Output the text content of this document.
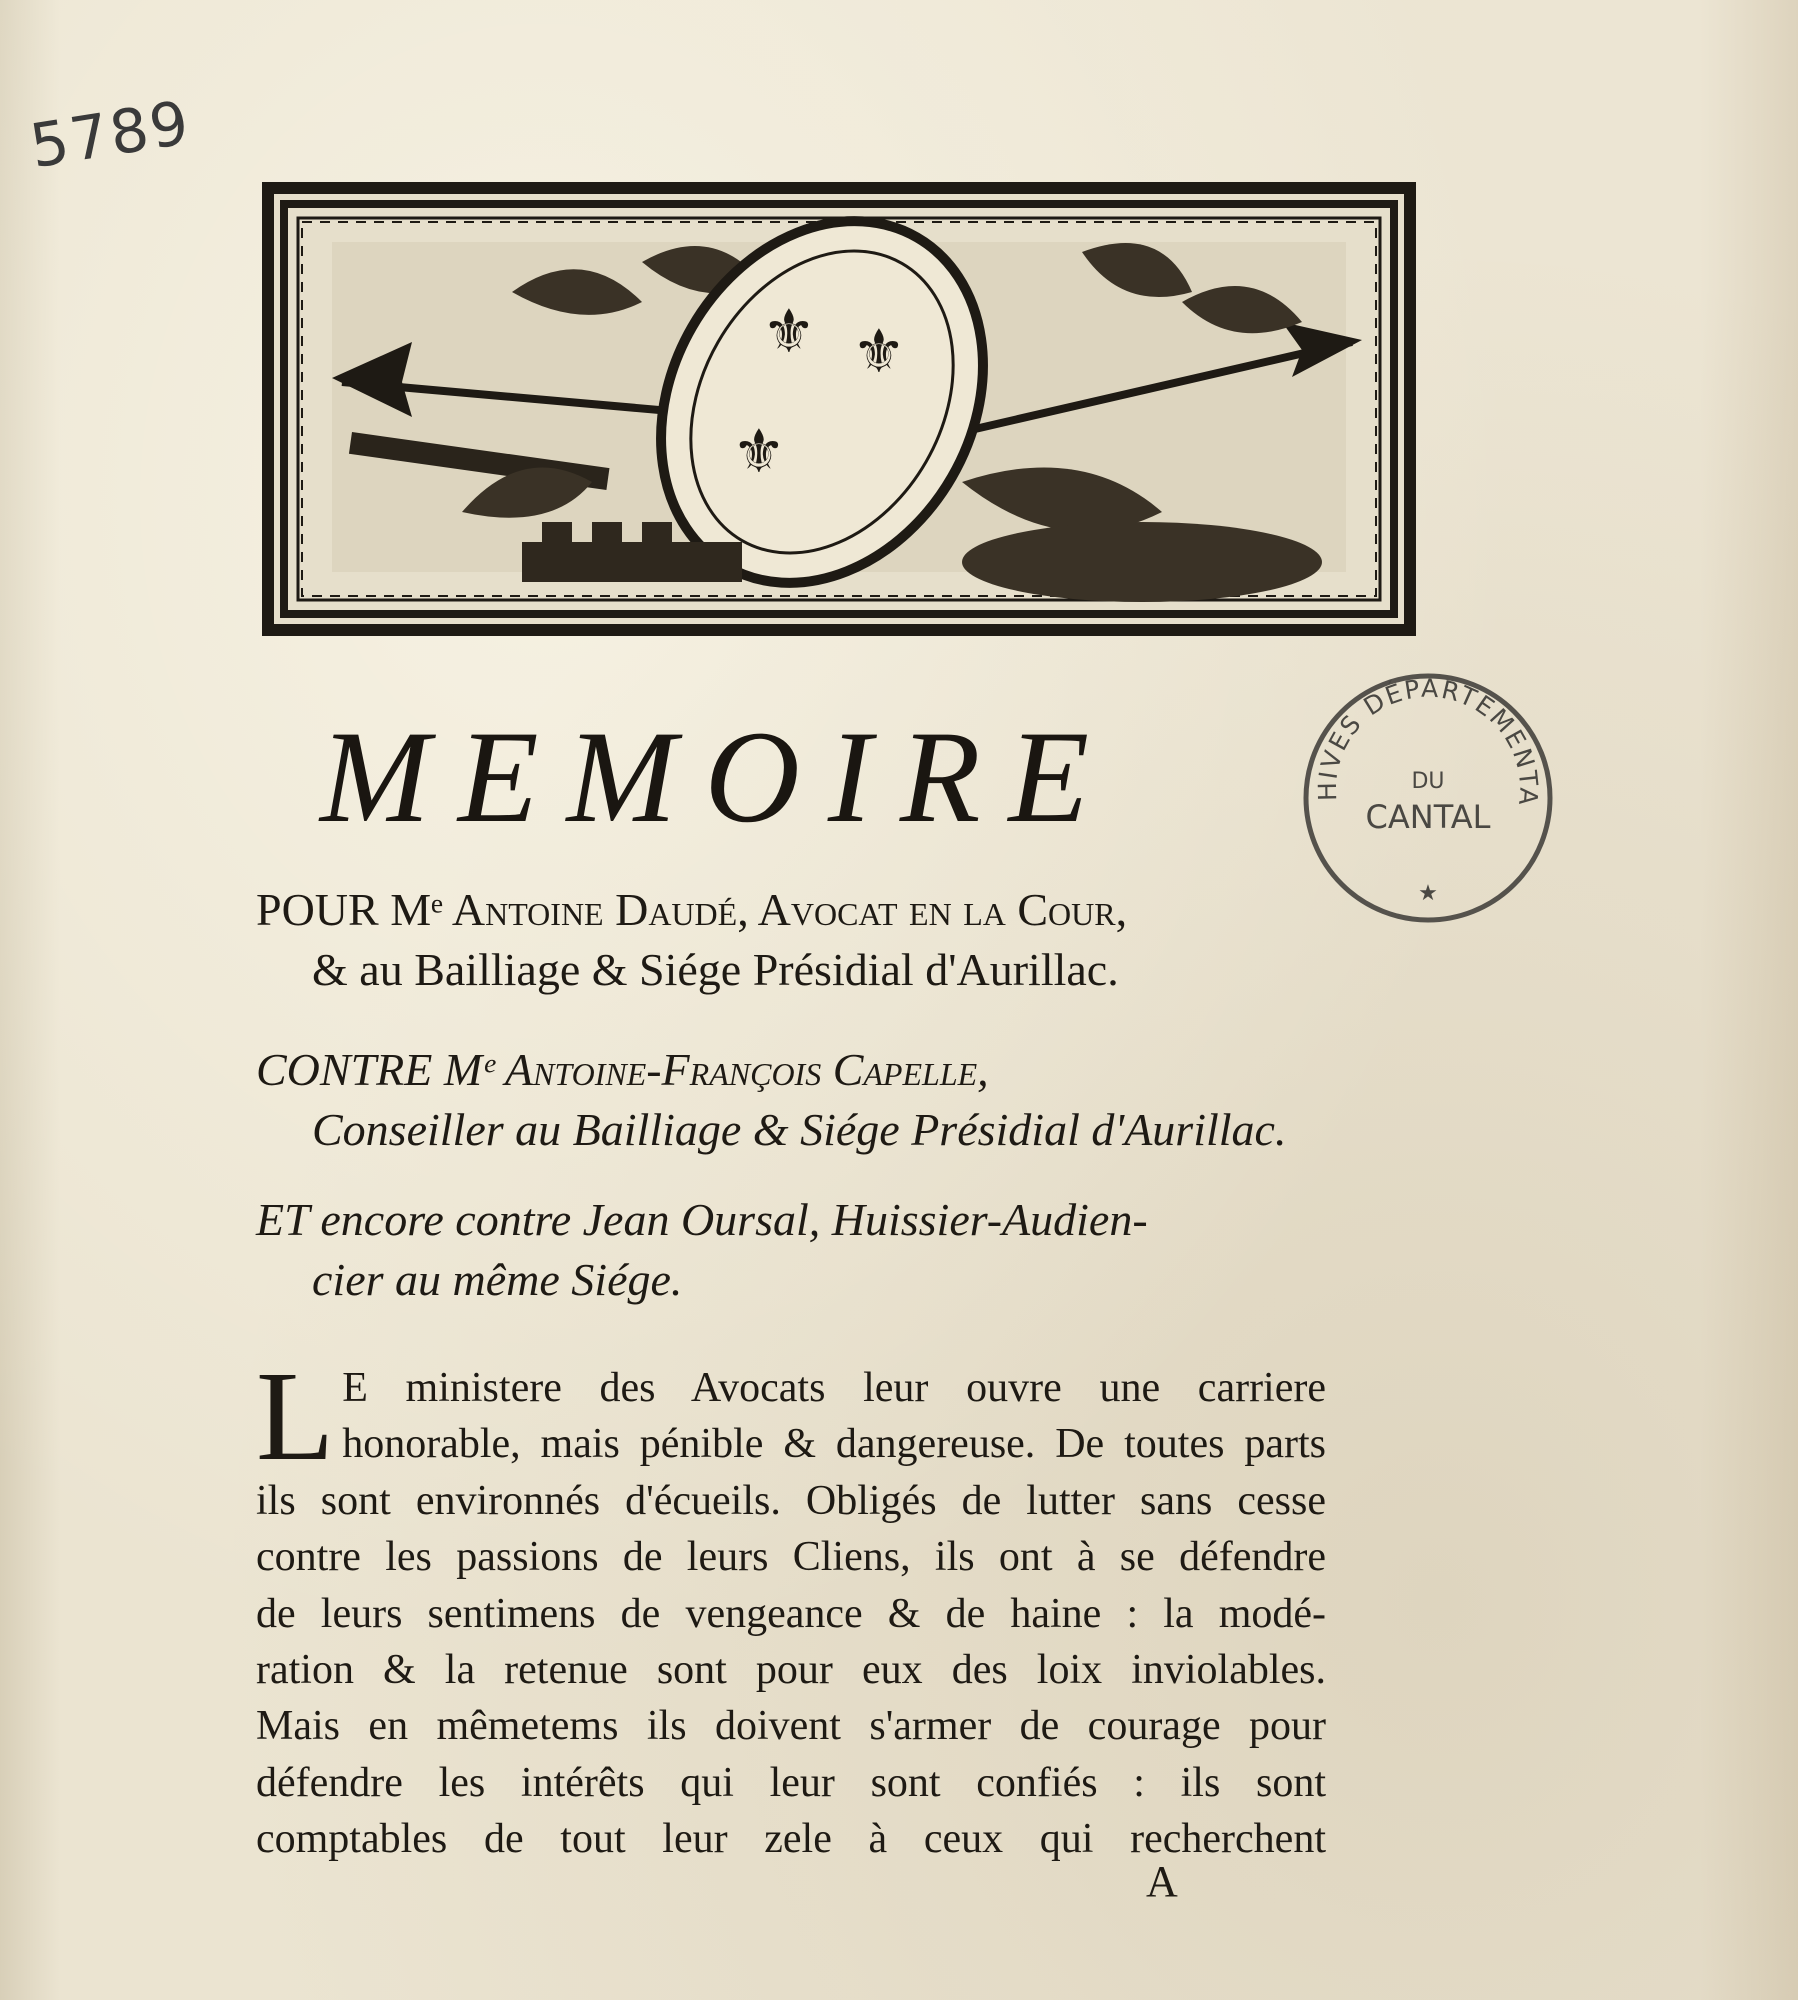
5789
⚜ ⚜
⚜
HIVES DÉPARTEMENTA
DU
CANTAL
★
MEMOIRE
POUR Mᵉ Antoine Daudé, Avocat en la Cour,
& au Bailliage & Siége Présidial d'Aurillac.
CONTRE Mᵉ Antoine-François Capelle,
Conseiller au Bailliage & Siége Présidial d'Aurillac.
ET encore contre Jean Oursal, Huissier-Audien-
cier au même Siége.
L E ministere des Avocats leur ouvre une carriere
honorable, mais pénible & dangereuse. De toutes parts
ils sont environnés d'écueils. Obligés de lutter sans cesse
contre les passions de leurs Cliens, ils ont à se défendre
de leurs sentimens de vengeance & de haine : la modé-
ration & la retenue sont pour eux des loix inviolables.
Mais en mêmetems ils doivent s'armer de courage pour
défendre les intérêts qui leur sont confiés : ils sont
comptables de tout leur zele à ceux qui recherchent
A
